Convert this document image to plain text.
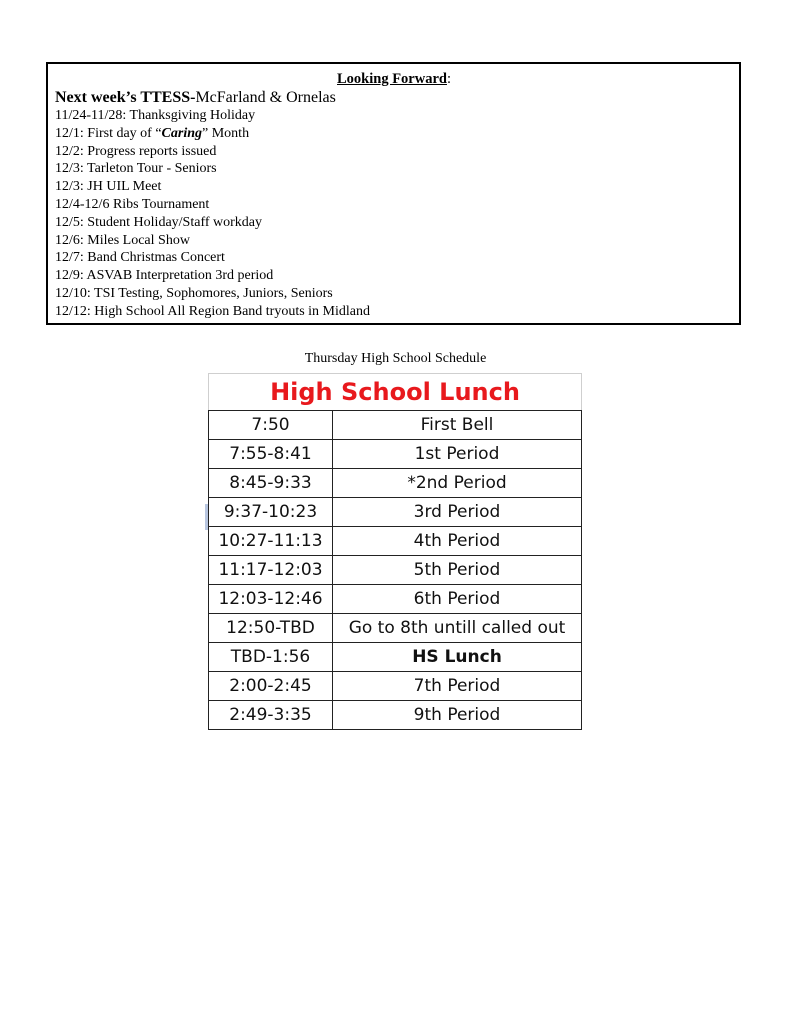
Looking Forward:
Next week’s TTESS-McFarland & Ornelas
11/24-11/28: Thanksgiving Holiday
12/1: First day of “Caring” Month
12/2: Progress reports issued
12/3: Tarleton Tour - Seniors
12/3: JH UIL Meet
12/4-12/6 Ribs Tournament
12/5: Student Holiday/Staff workday
12/6: Miles Local Show
12/7: Band Christmas Concert
12/9: ASVAB Interpretation 3rd period
12/10: TSI Testing, Sophomores, Juniors, Seniors
12/12: High School All Region Band tryouts in Midland
Thursday High School Schedule
High School Lunch	
7:50	First Bell
7:55-8:41	1st Period
8:45-9:33	*2nd Period
9:37-10:23	3rd Period
10:27-11:13	4th Period
11:17-12:03	5th Period
12:03-12:46	6th Period
12:50-TBD	Go to 8th untill called out
TBD-1:56	HS Lunch
2:00-2:45	7th Period
2:49-3:35	9th Period
